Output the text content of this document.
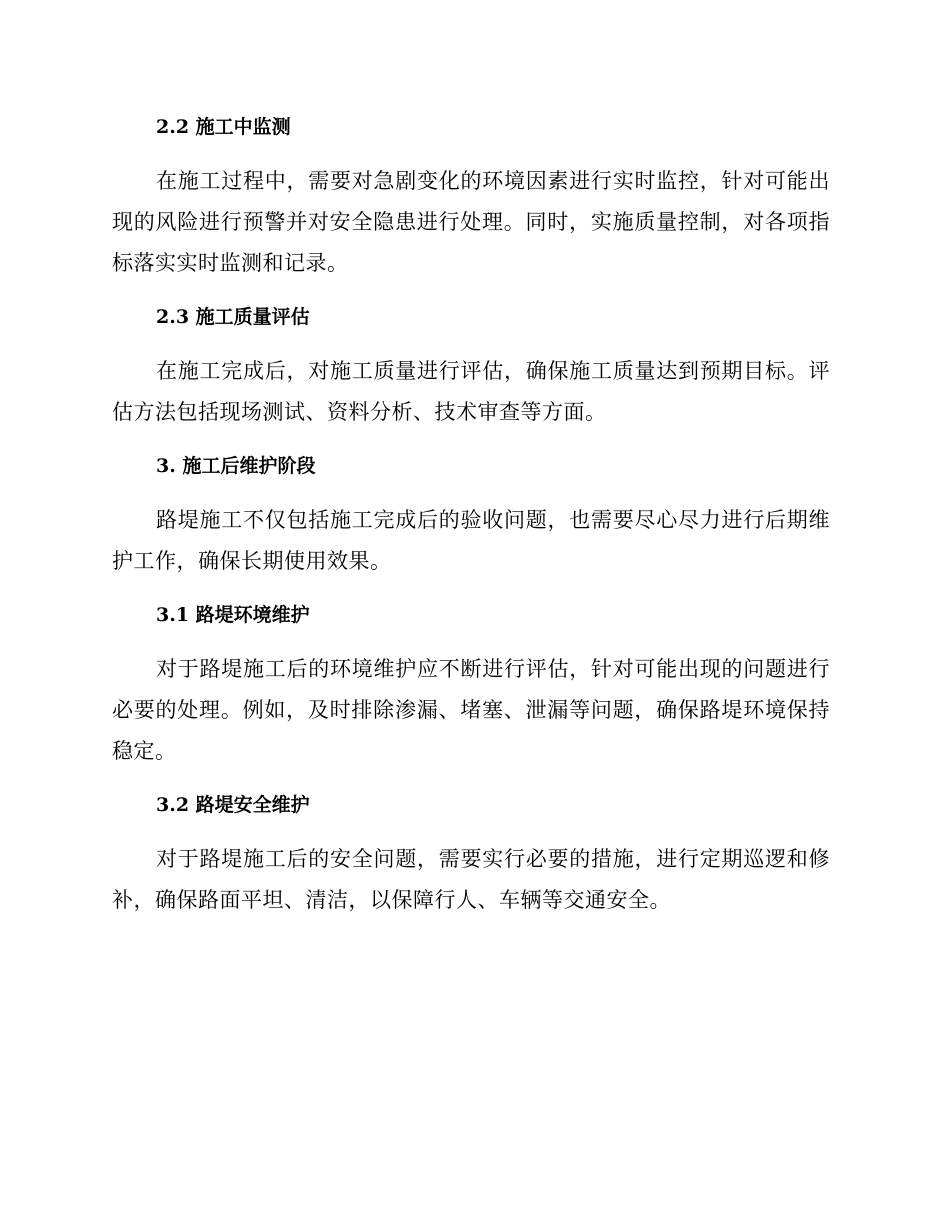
2.2 施工中监测

在施工过程中，需要对急剧变化的环境因素进行实时监控，针对可能出现的风险进行预警并对安全隐患进行处理。同时，实施质量控制，对各项指标落实实时监测和记录。

2.3 施工质量评估

在施工完成后，对施工质量进行评估，确保施工质量达到预期目标。评估方法包括现场测试、资料分析、技术审查等方面。

3. 施工后维护阶段

路堤施工不仅包括施工完成后的验收问题，也需要尽心尽力进行后期维护工作，确保长期使用效果。

3.1 路堤环境维护

对于路堤施工后的环境维护应不断进行评估，针对可能出现的问题进行必要的处理。例如，及时排除渗漏、堵塞、泄漏等问题，确保路堤环境保持稳定。

3.2 路堤安全维护

对于路堤施工后的安全问题，需要实行必要的措施，进行定期巡逻和修补，确保路面平坦、清洁，以保障行人、车辆等交通安全。
